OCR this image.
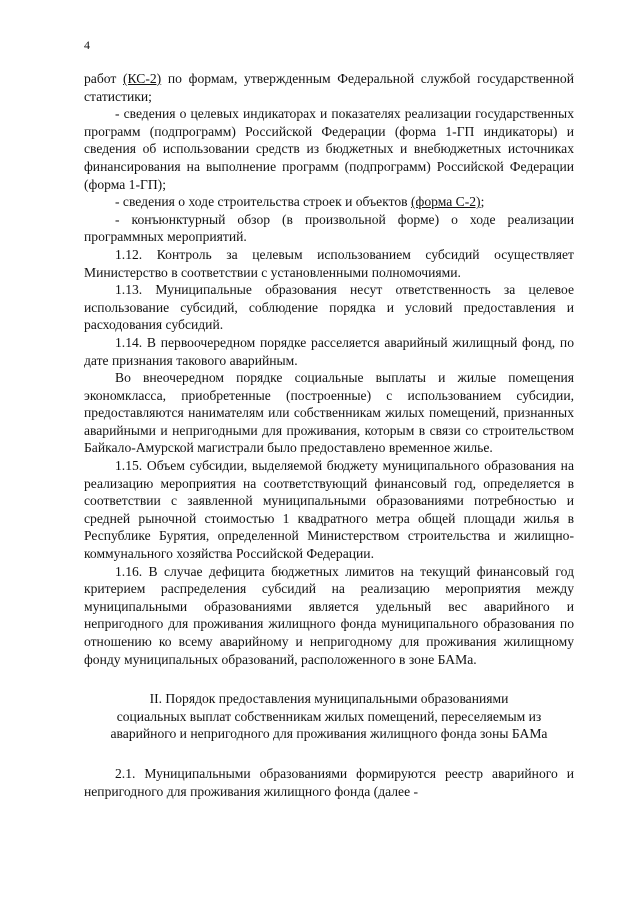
4

работ (КС-2) по формам, утвержденным Федеральной службой государственной статистики;

- сведения о целевых индикаторах и показателях реализации государственных программ (подпрограмм) Российской Федерации (форма 1-ГП индикаторы) и сведения об использовании средств из бюджетных и внебюджетных источниках финансирования на выполнение программ (подпрограмм) Российской Федерации (форма 1-ГП);

- сведения о ходе строительства строек и объектов (форма С-2);

- конъюнктурный обзор (в произвольной форме) о ходе реализации программных мероприятий.

1.12. Контроль за целевым использованием субсидий осуществляет Министерство в соответствии с установленными полномочиями.

1.13. Муниципальные образования несут ответственность за целевое использование субсидий, соблюдение порядка и условий предоставления и расходования субсидий.

1.14. В первоочередном порядке расселяется аварийный жилищный фонд, по дате признания такового аварийным.

Во внеочередном порядке социальные выплаты и жилые помещения экономкласса, приобретенные (построенные) с использованием субсидии, предоставляются нанимателям или собственникам жилых помещений, признанных аварийными и непригодными для проживания, которым в связи со строительством Байкало-Амурской магистрали было предоставлено временное жилье.

1.15. Объем субсидии, выделяемой бюджету муниципального образования на реализацию мероприятия на соответствующий финансовый год, определяется в соответствии с заявленной муниципальными образованиями потребностью и средней рыночной стоимостью 1 квадратного метра общей площади жилья в Республике Бурятия, определенной Министерством строительства и жилищно-коммунального хозяйства Российской Федерации.

1.16. В случае дефицита бюджетных лимитов на текущий финансовый год критерием распределения субсидий на реализацию мероприятия между муниципальными образованиями является удельный вес аварийного и непригодного для проживания жилищного фонда муниципального образования по отношению ко всему аварийному и непригодному для проживания жилищному фонду муниципальных образований, расположенного в зоне БАМа.

II. Порядок предоставления муниципальными образованиями
социальных выплат собственникам жилых помещений, переселяемым из
аварийного и непригодного для проживания жилищного фонда зоны БАМа

2.1. Муниципальными образованиями формируются реестр аварийного и непригодного для проживания жилищного фонда (далее -
